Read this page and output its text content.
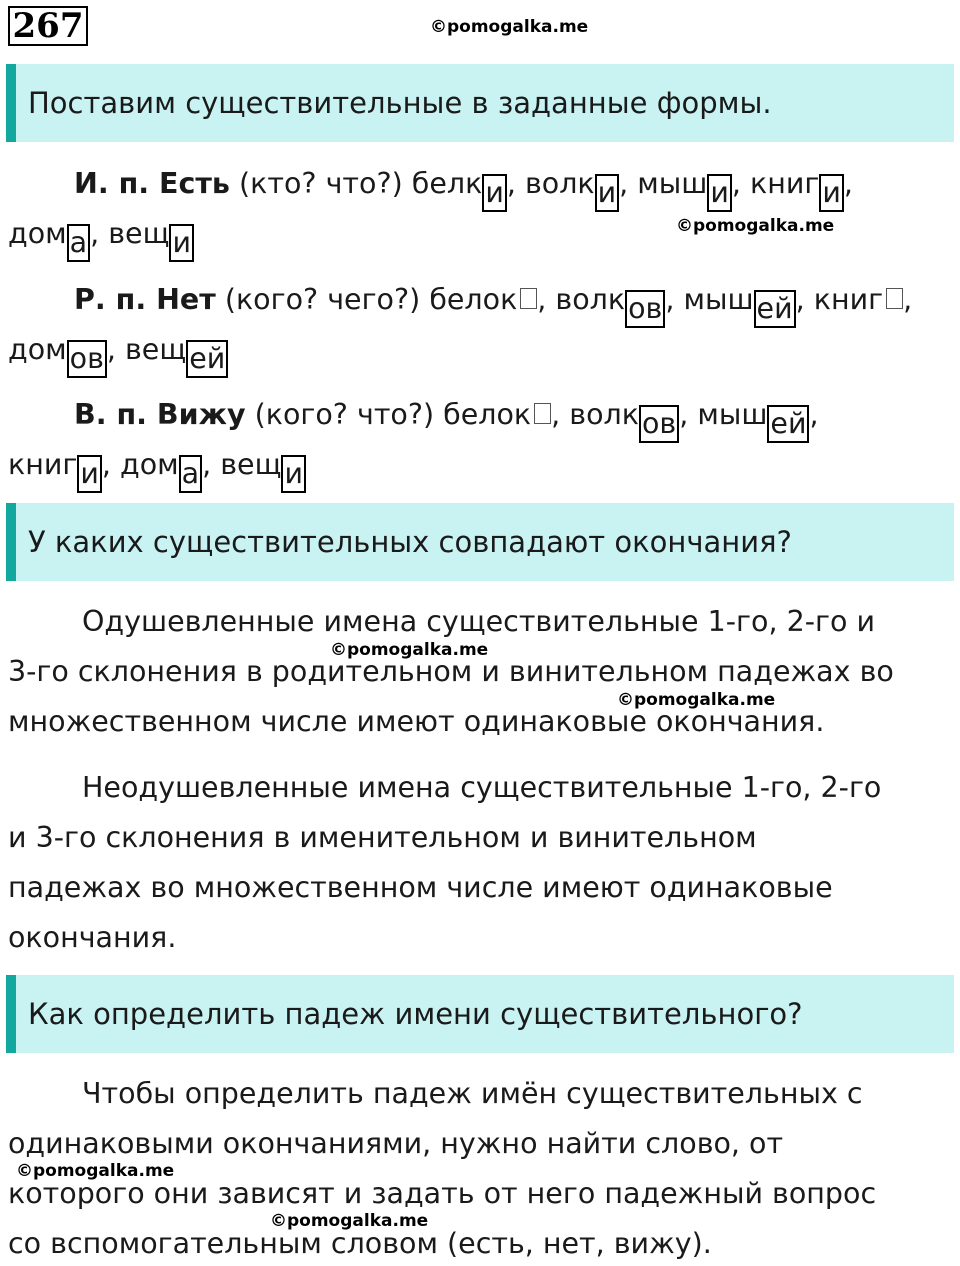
267	©pomogalka.me
Поставим существительные в заданные формы.
И. п. Есть (кто? что?) белк и , волк и , мыш и , книг и ,
дом а , вещ и	©pomogalka.me
Р. п. Нет (кого? чего?) белок , волк ов , мыш ей , книг ,
дом ов , вещ ей
В. п. Вижу (кого? что?) белок , волк ов , мыш ей ,
книг и , дом а , вещ и
У каких существительных совпадают окончания?
Одушевленные имена существительные 1-го, 2-го и
©pomogalka.me
3-го склонения в родительном и винительном падежах во
©pomogalka.me
множественном числе имеют одинаковые окончания.
Неодушевленные имена существительные 1-го, 2-го
и 3-го склонения в именительном и винительном
падежах во множественном числе имеют одинаковые
окончания.
Как определить падеж имени существительного?
Чтобы определить падеж имён существительных с
одинаковыми окончаниями, нужно найти слово, от
©pomogalka.me
которого они зависят и задать от него падежный вопрос
©pomogalka.me
со вспомогательным словом (есть, нет, вижу).
